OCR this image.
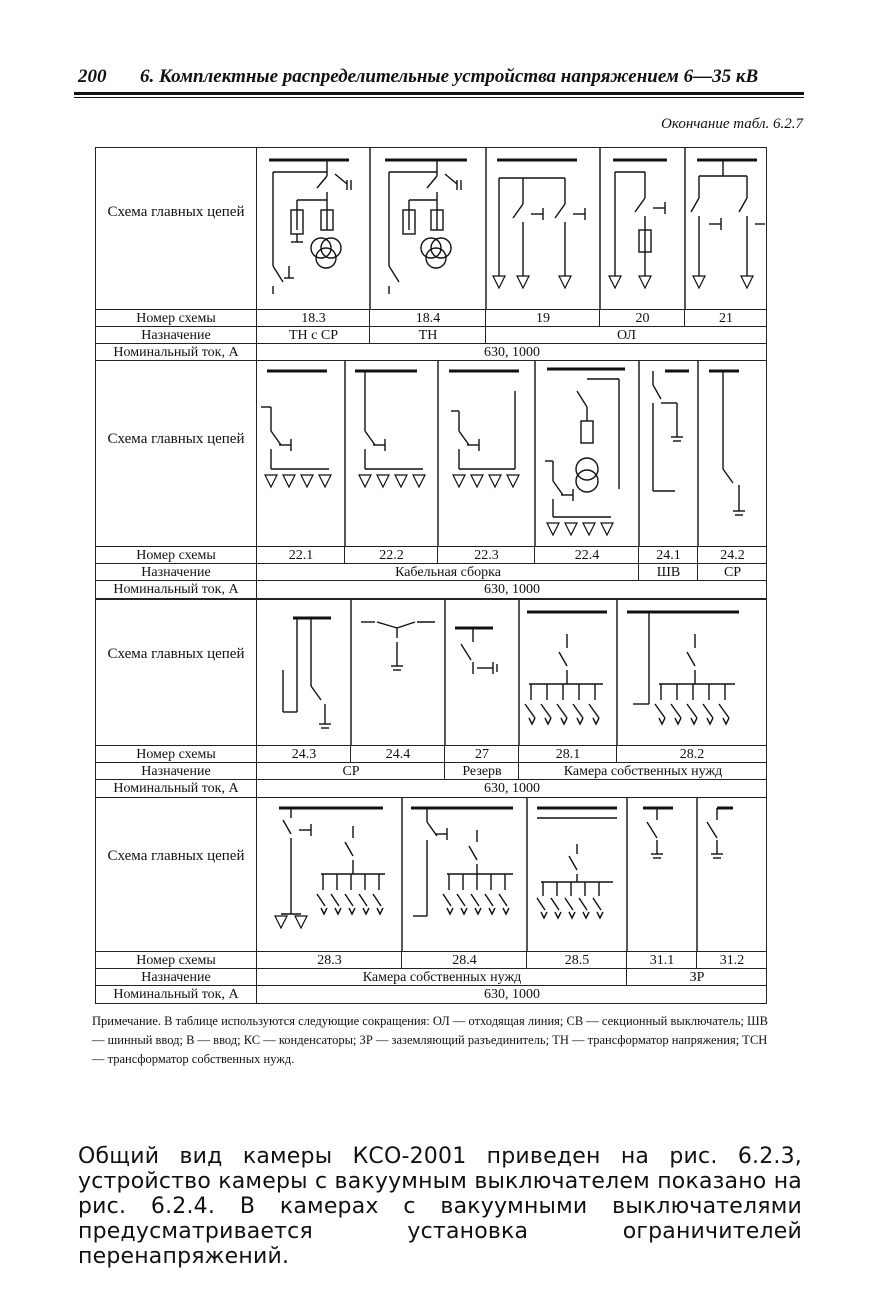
200 6. Комплектные распределительные устройства напряжением 6—35 кВ
Окончание табл. 6.2.7
Схема главных цепей
Номер схемы	18.3	18.4	19	20	21
Назначение	ТН с СР	ТН	ОЛ
Номинальный ток, А	630, 1000
Схема главных цепей
Номер схемы	22.1	22.2	22.3	22.4	24.1	24.2
Назначение	Кабельная сборка	ШВ	СР
Номинальный ток, А	630, 1000
Схема главных цепей
Номер схемы	24.3	24.4	27	28.1	28.2
Назначение	СР	Резерв	Камера собственных нужд
Номинальный ток, А	630, 1000
Схема главных цепей
Номер схемы	28.3	28.4	28.5	31.1	31.2
Назначение	Камера собственных нужд	ЗР
Номинальный ток, А	630, 1000
Примечание. В таблице используются следующие сокращения: ОЛ — отходящая линия; СВ — секционный выключатель; ШВ — шинный ввод; В — ввод; КС — конденсаторы; ЗР — заземляющий разъединитель; ТН — трансформатор напряжения; ТСН — трансформатор собственных нужд.
Общий вид камеры КСО-2001 приведен на рис. 6.2.3, устройство камеры с вакуумным выключателем показано на рис. 6.2.4. В камерах с вакуумными выключателями предусматривается установка ограничителей перенапряжений.
